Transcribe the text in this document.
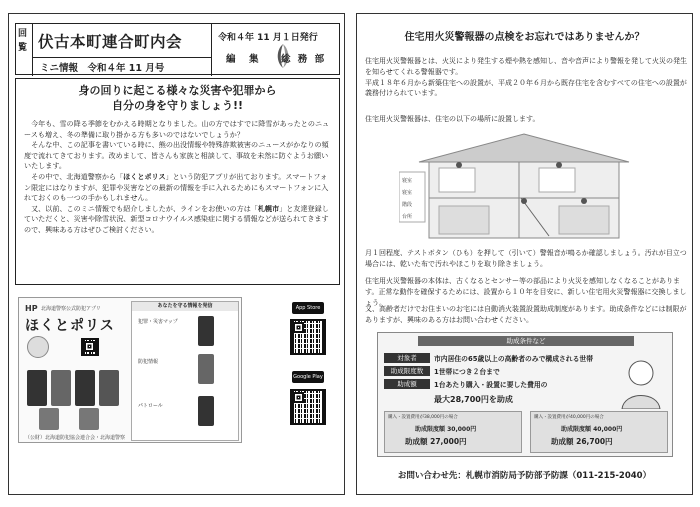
回覧 伏古本町連合町内会
ミニ情報　令和４年 11 月号
令和４年 11 月１日発行
編　集 総 務 部
身の回りに起こる様々な災害や犯罪から
自分の身を守りましょう!!

今年も、雪の降る季節をむかえる時期となりました。山の方ではすでに降雪があったとのニュースも増え、冬の準備に取り掛かる方も多いのではないでしょうか？

そんな中、この記事を書いている時に、熊の出没情報や特殊詐欺被害のニュースがかなりの頻度で流れてきております。改めまして、皆さんも家族と相談して、事故を未然に防ぐようお願いいたします。

その中で、北海道警察から「ほくとポリス」という防犯アプリが出ております。スマートフォン限定にはなりますが、犯罪や災害などの最新の情報を手に入れるためにもスマートフォンに入れておくのも一つの手かもしれません。

又、以前、このミニ情報でも紹介しましたが、ラインをお使いの方は「札幌市」と友達登録していただくと、災害や除雪状況、新型コロナウイルス感染症に関する情報などが送られてきますので、興味ある方はぜひご検討ください。

HP 北海道警察公式防犯アプリ
ほくとポリス
（公財）北海道防犯協会連合会・北海道警察
あなたを守る情報を発信
犯罪・災害マップ
防犯情報
パトロール
App Store
Google Play
住宅用火災警報器の点検をお忘れではありませんか？

住宅用火災警報器とは、火災により発生する煙や熱を感知し、音や音声により警報を発して火災の発生を知らせてくれる警報器です。

平成１８年６月から新築住宅への設置が、平成２０年６月から既存住宅を含むすべての住宅への設置が義務付けられています。

住宅用火災警報器は、住宅の以下の場所に設置します。
寝室
寝室
階段
台所
月１回程度、テストボタン（ひも）を押して（引いて）警報音が鳴るか確認しましょう。汚れが目立つ場合には、乾いた布で汚れやほこりを取り除きましょう。
住宅用火災警報器の本体は、古くなるとセンサー等の部品により火災を感知しなくなることがあります。正常な動作を確保するためには、設置から１０年を目安に、新しい住宅用火災警報器に交換しましょう。
又、高齢者だけでお住まいのお宅には自動消火装置設置助成制度があります。助成条件などには制限がありますが、興味のある方はお問い合わせください。
助成条件など
対象者	市内居住の65歳以上の高齢者のみで構成される世帯
助成限度数	1世帯につき２台まで
助成額	1台あたり購入・設置に要した費用の
最大28,700円を助成
購入・設置費用が38,000円の場合
助成限度額 30,000円
助成額 27,000円
購入・設置費用が40,000円の場合
助成限度額 40,000円
助成額 26,700円
お問い合わせ先：札幌市消防局予防部予防課（011-215-2040）
